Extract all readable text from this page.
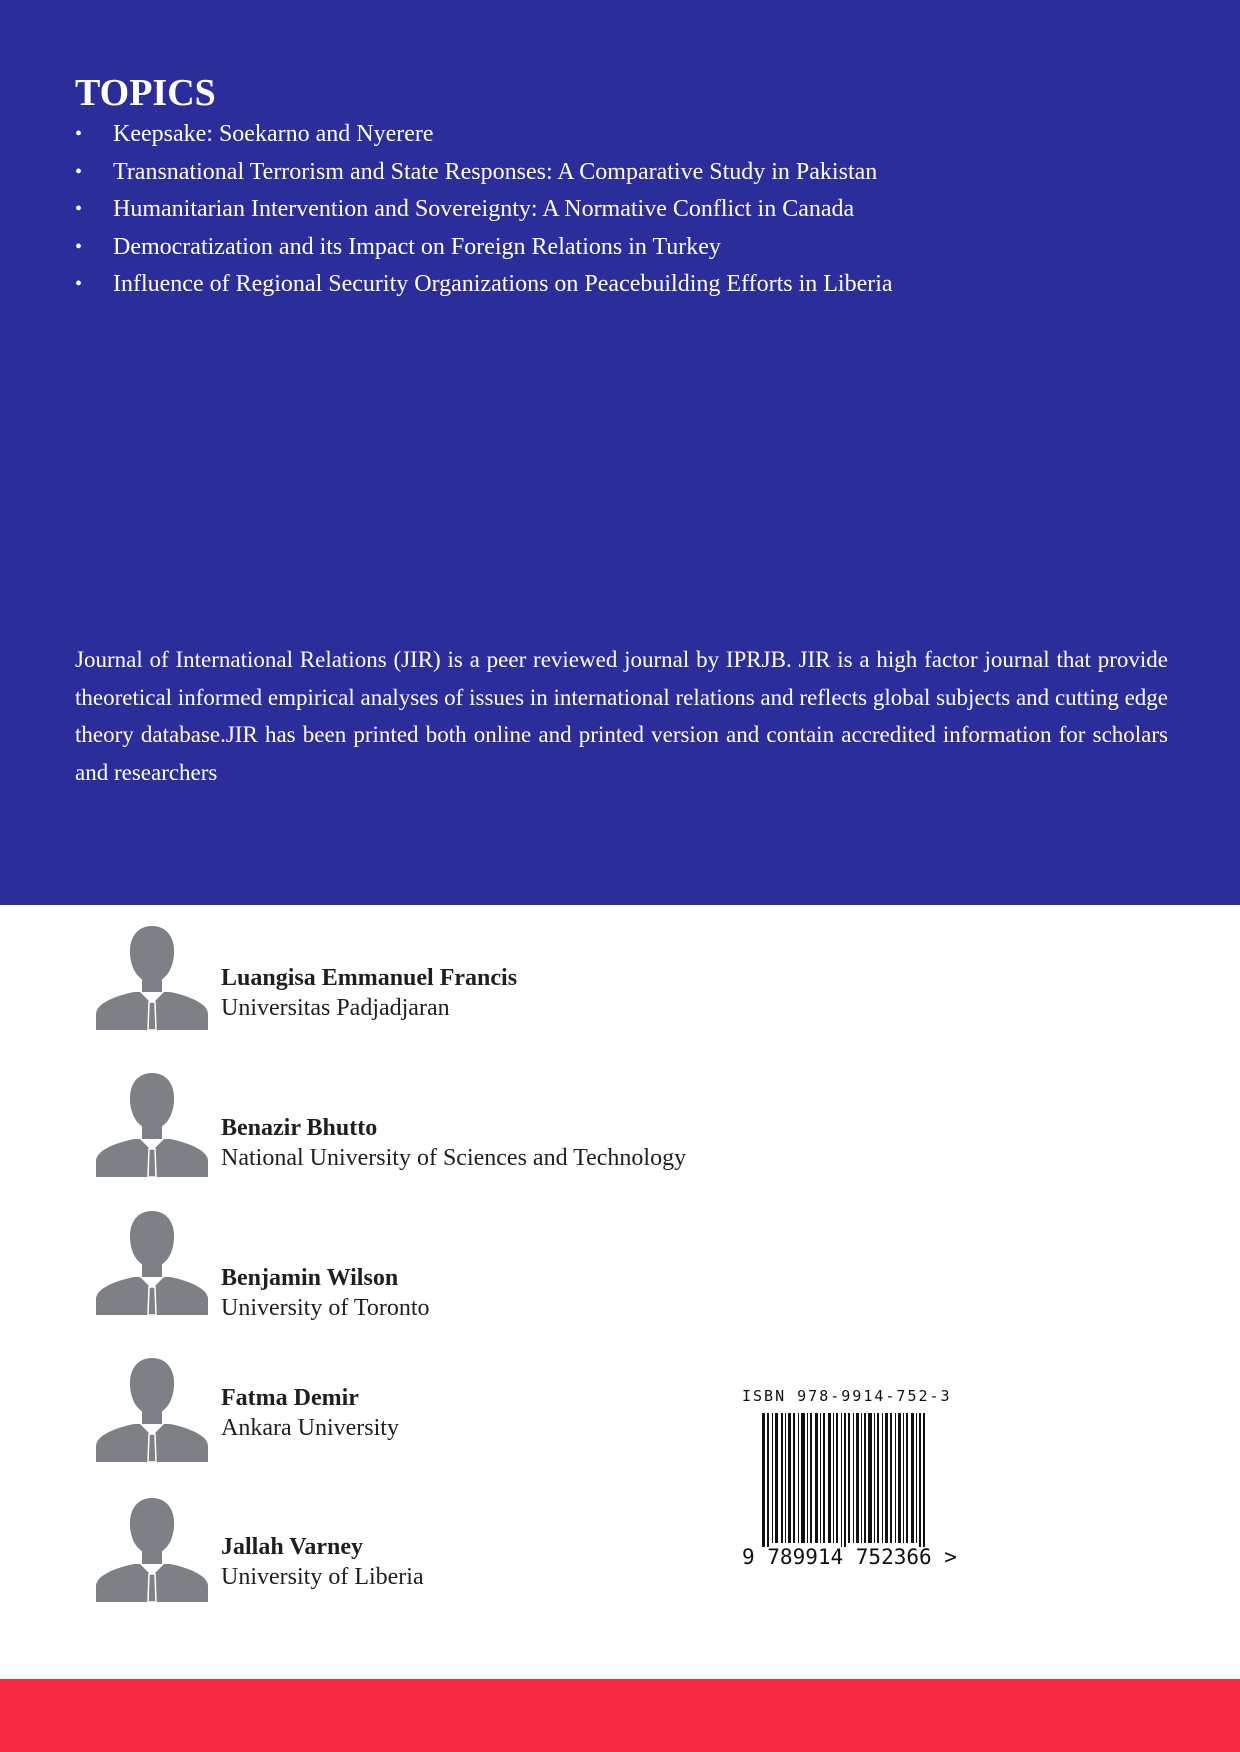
TOPICS
• Keepsake: Soekarno and Nyerere
• Transnational Terrorism and State Responses: A Comparative Study in Pakistan
• Humanitarian Intervention and Sovereignty: A Normative Conflict in Canada
• Democratization and its Impact on Foreign Relations in Turkey
• Influence of Regional Security Organizations on Peacebuilding Efforts in Liberia

Journal of International Relations (JIR) is a peer reviewed journal by IPRJB. JIR is a high factor journal that provide theoretical informed empirical analyses of issues in international relations and reflects global subjects and cutting edge theory database.JIR has been printed both online and printed version and contain accredited information for scholars and researchers

Luangisa Emmanuel Francis
Universitas Padjadjaran
Benazir Bhutto
National University of Sciences and Technology
Benjamin Wilson
University of Toronto
Fatma Demir
Ankara University
Jallah Varney
University of Liberia
ISBN 978-9914-752-3
9 789914 752366 >
